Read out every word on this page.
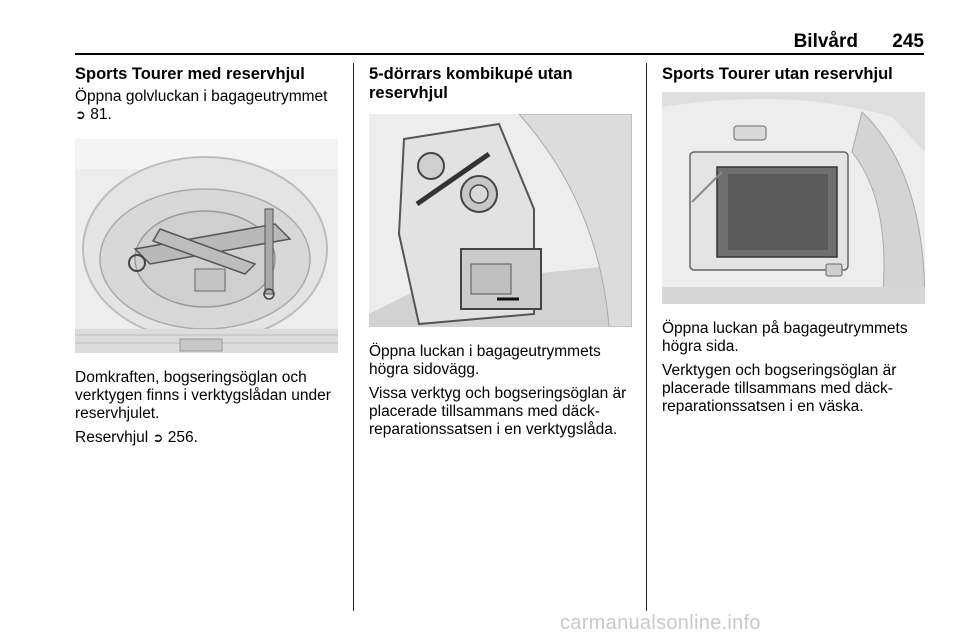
Bilvård 245
Sports Tourer med reservhjul

Öppna golvluckan i bagageutrymmet
➲ 81.

Domkraften, bogseringsöglan och verktygen finns i verktygslådan under reservhjulet.

Reservhjul ➲ 256.

5-dörrars kombikupé utan reservhjul

Öppna luckan i bagageutrymmets högra sidovägg.

Vissa verktyg och bogseringsöglan är placerade tillsammans med däck-reparationssatsen i en verktygslåda.

Sports Tourer utan reservhjul

Öppna luckan på bagageutrymmets högra sida.

Verktygen och bogseringsöglan är placerade tillsammans med däck-reparationssatsen i en väska.

carmanualsonline.info
